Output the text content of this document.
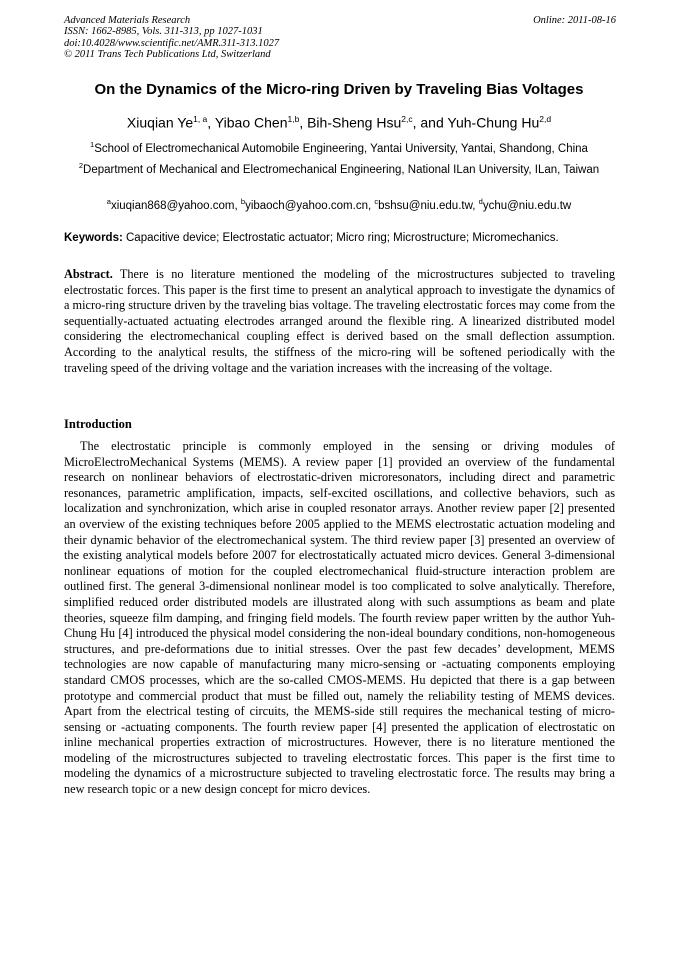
Advanced Materials Research
ISSN: 1662-8985, Vols. 311-313, pp 1027-1031
doi:10.4028/www.scientific.net/AMR.311-313.1027
© 2011 Trans Tech Publications Ltd, Switzerland
Online: 2011-08-16
On the Dynamics of the Micro-ring Driven by Traveling Bias Voltages
Xiuqian Ye$^{1, a}$, Yibao Chen$^{1,b}$, Bih-Sheng Hsu$^{2,c}$, and Yuh-Chung Hu$^{2,d}$
$^1$School of Electromechanical Automobile Engineering, Yantai University, Yantai, Shandong, China
$^2$Department of Mechanical and Electromechanical Engineering, National ILan University, ILan, Taiwan
$^a$xiuqian868@yahoo.com, $^b$yibaoch@yahoo.com.cn, $^c$bshsu@niu.edu.tw, $^d$ychu@niu.edu.tw
Keywords: Capacitive device; Electrostatic actuator; Micro ring; Microstructure; Micromechanics.
Abstract. There is no literature mentioned the modeling of the microstructures subjected to traveling electrostatic forces. This paper is the first time to present an analytical approach to investigate the dynamics of a micro-ring structure driven by the traveling bias voltage. The traveling electrostatic forces may come from the sequentially-actuated actuating electrodes arranged around the flexible ring. A linearized distributed model considering the electromechanical coupling effect is derived based on the small deflection assumption. According to the analytical results, the stiffness of the micro-ring will be softened periodically with the traveling speed of the driving voltage and the variation increases with the increasing of the voltage.
Introduction
The electrostatic principle is commonly employed in the sensing or driving modules of MicroElectroMechanical Systems (MEMS). A review paper [1] provided an overview of the fundamental research on nonlinear behaviors of electrostatic-driven microresonators, including direct and parametric resonances, parametric amplification, impacts, self-excited oscillations, and collective behaviors, such as localization and synchronization, which arise in coupled resonator arrays. Another review paper [2] presented an overview of the existing techniques before 2005 applied to the MEMS electrostatic actuation modeling and their dynamic behavior of the electromechanical system. The third review paper [3] presented an overview of the existing analytical models before 2007 for electrostatically actuated micro devices. General 3-dimensional nonlinear equations of motion for the coupled electromechanical fluid-structure interaction problem are outlined first. The general 3-dimensional nonlinear model is too complicated to solve analytically. Therefore, simplified reduced order distributed models are illustrated along with such assumptions as beam and plate theories, squeeze film damping, and fringing field models. The fourth review paper written by the author Yuh-Chung Hu [4] introduced the physical model considering the non-ideal boundary conditions, non-homogeneous structures, and pre-deformations due to initial stresses. Over the past few decades’ development, MEMS technologies are now capable of manufacturing many micro-sensing or -actuating components employing standard CMOS processes, which are the so-called CMOS-MEMS. Hu depicted that there is a gap between prototype and commercial product that must be filled out, namely the reliability testing of MEMS devices. Apart from the electrical testing of circuits, the MEMS-side still requires the mechanical testing of micro-sensing or -actuating components. The fourth review paper [4] presented the application of electrostatic on inline mechanical properties extraction of microstructures. However, there is no literature mentioned the modeling of the microstructures subjected to traveling electrostatic forces. This paper is the first time to modeling the dynamics of a microstructure subjected to traveling electrostatic force. The results may bring a new research topic or a new design concept for micro devices.
